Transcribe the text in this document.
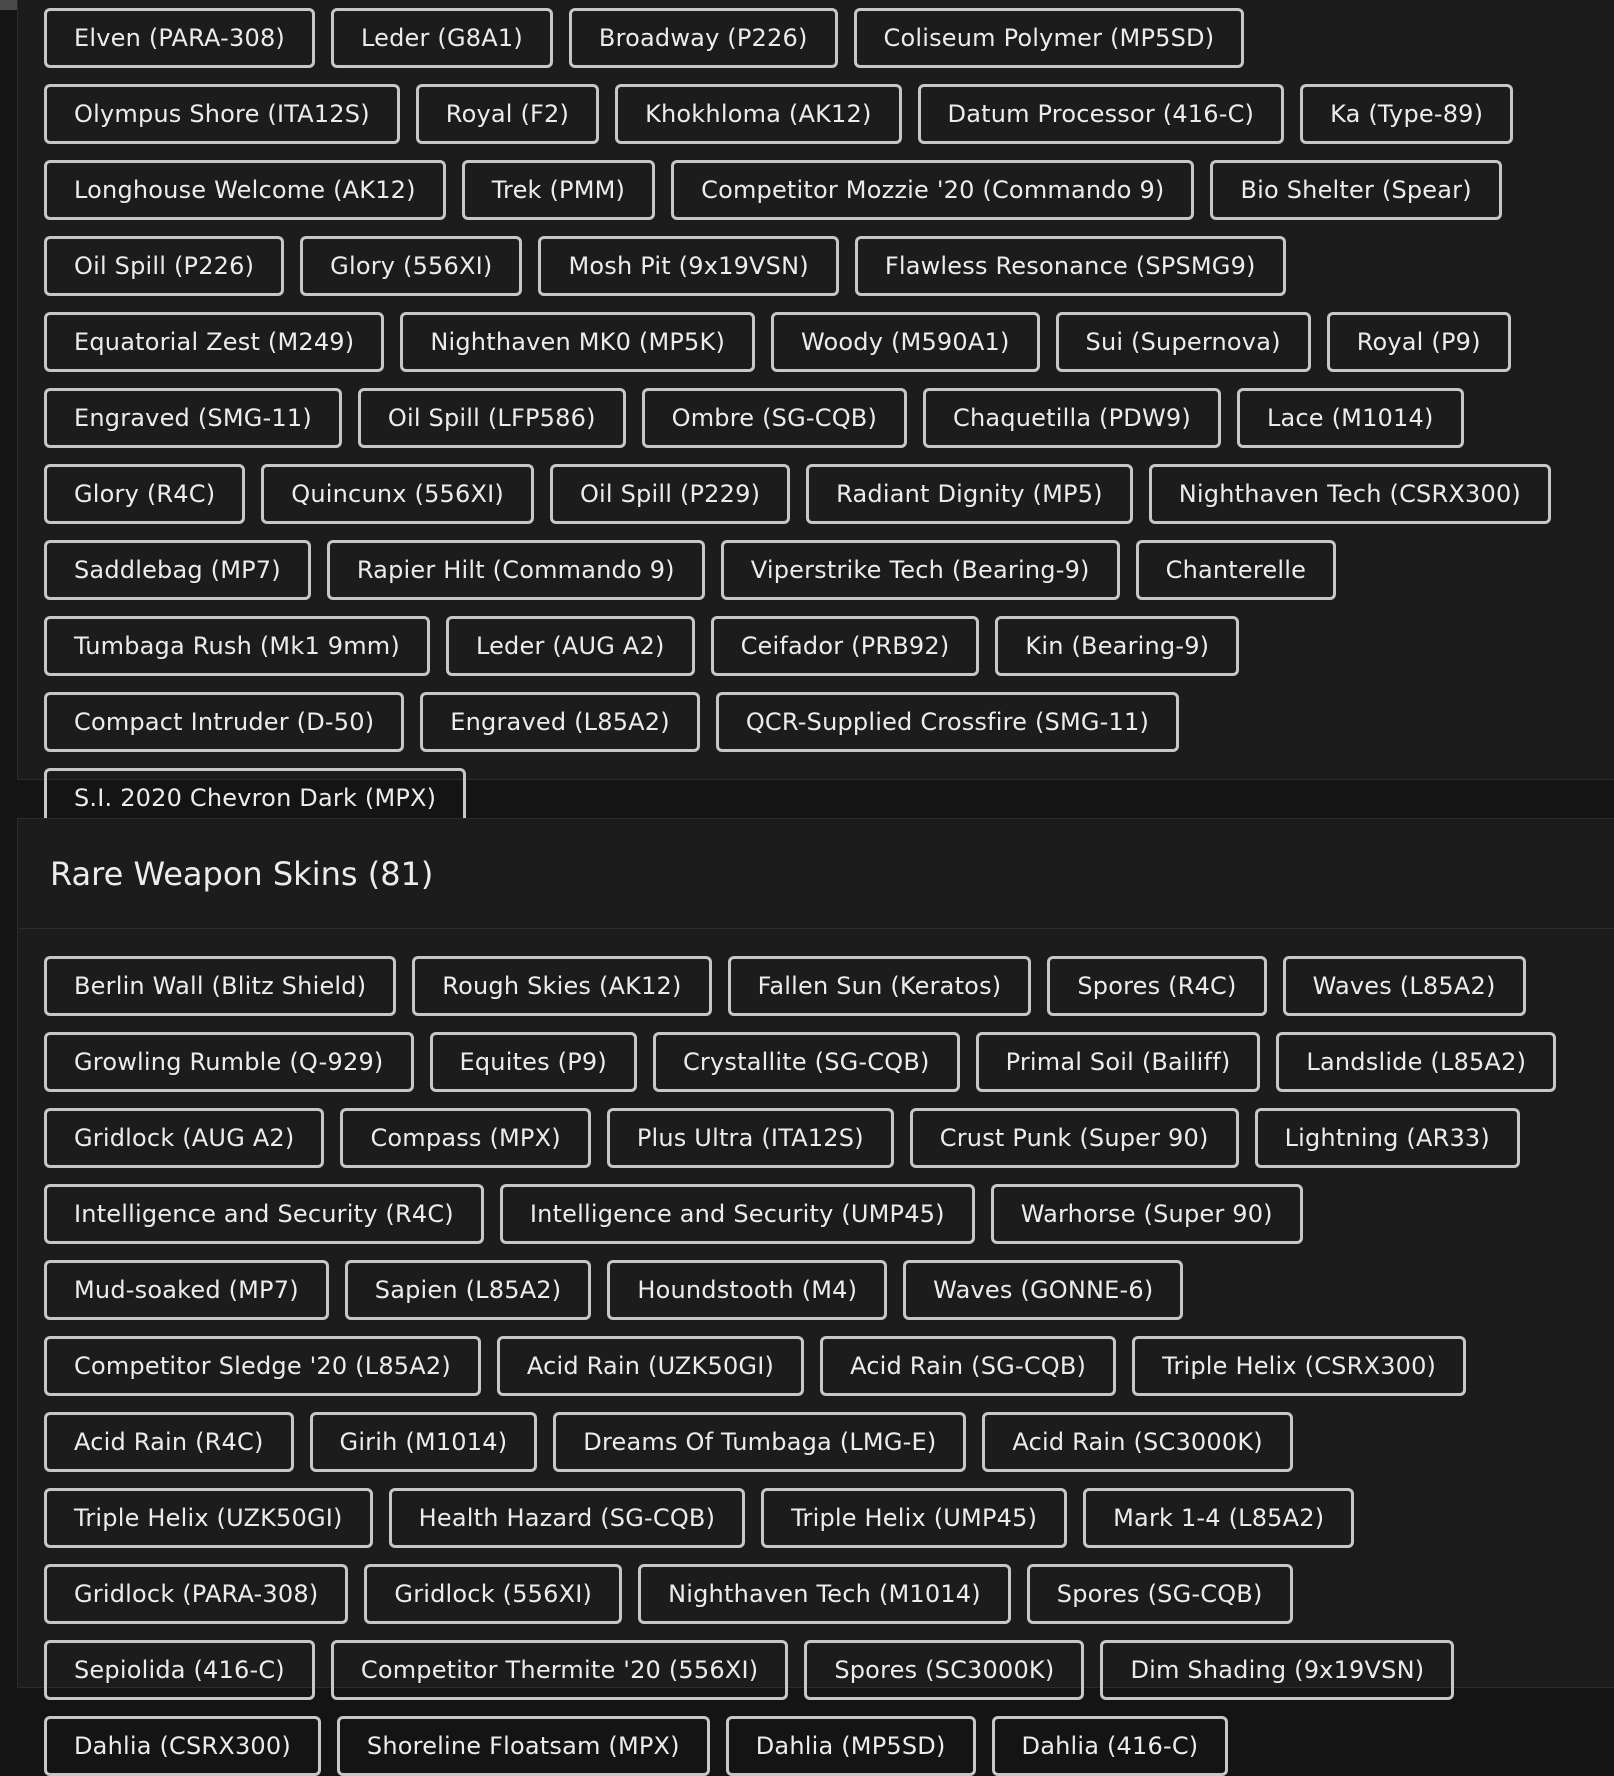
Elven (PARA-308)	Leder (G8A1)	Broadway (P226)	Coliseum Polymer (MP5SD)
Olympus Shore (ITA12S)	Royal (F2)	Khokhloma (AK12)	Datum Processor (416-C)	Ka (Type-89)
Longhouse Welcome (AK12)	Trek (PMM)	Competitor Mozzie '20 (Commando 9)	Bio Shelter (Spear)
Oil Spill (P226)	Glory (556XI)	Mosh Pit (9x19VSN)	Flawless Resonance (SPSMG9)
Equatorial Zest (M249)	Nighthaven MK0 (MP5K)	Woody (M590A1)	Sui (Supernova)	Royal (P9)
Engraved (SMG-11)	Oil Spill (LFP586)	Ombre (SG-CQB)	Chaquetilla (PDW9)	Lace (M1014)
Glory (R4C)	Quincunx (556XI)	Oil Spill (P229)	Radiant Dignity (MP5)	Nighthaven Tech (CSRX300)
Saddlebag (MP7)	Rapier Hilt (Commando 9)	Viperstrike Tech (Bearing-9)	Chanterelle
Tumbaga Rush (Mk1 9mm)	Leder (AUG A2)	Ceifador (PRB92)	Kin (Bearing-9)
Compact Intruder (D-50)	Engraved (L85A2)	QCR-Supplied Crossfire (SMG-11)
S.I. 2020 Chevron Dark (MPX)
Rare Weapon Skins (81)
Berlin Wall (Blitz Shield)	Rough Skies (AK12)	Fallen Sun (Keratos)	Spores (R4C)	Waves (L85A2)
Growling Rumble (Q-929)	Equites (P9)	Crystallite (SG-CQB)	Primal Soil (Bailiff)	Landslide (L85A2)
Gridlock (AUG A2)	Compass (MPX)	Plus Ultra (ITA12S)	Crust Punk (Super 90)	Lightning (AR33)
Intelligence and Security (R4C)	Intelligence and Security (UMP45)	Warhorse (Super 90)
Mud-soaked (MP7)	Sapien (L85A2)	Houndstooth (M4)	Waves (GONNE-6)
Competitor Sledge '20 (L85A2)	Acid Rain (UZK50GI)	Acid Rain (SG-CQB)	Triple Helix (CSRX300)
Acid Rain (R4C)	Girih (M1014)	Dreams Of Tumbaga (LMG-E)	Acid Rain (SC3000K)
Triple Helix (UZK50GI)	Health Hazard (SG-CQB)	Triple Helix (UMP45)	Mark 1-4 (L85A2)
Gridlock (PARA-308)	Gridlock (556XI)	Nighthaven Tech (M1014)	Spores (SG-CQB)
Sepiolida (416-C)	Competitor Thermite '20 (556XI)	Spores (SC3000K)	Dim Shading (9x19VSN)
Dahlia (CSRX300)	Shoreline Floatsam (MPX)	Dahlia (MP5SD)	Dahlia (416-C)
